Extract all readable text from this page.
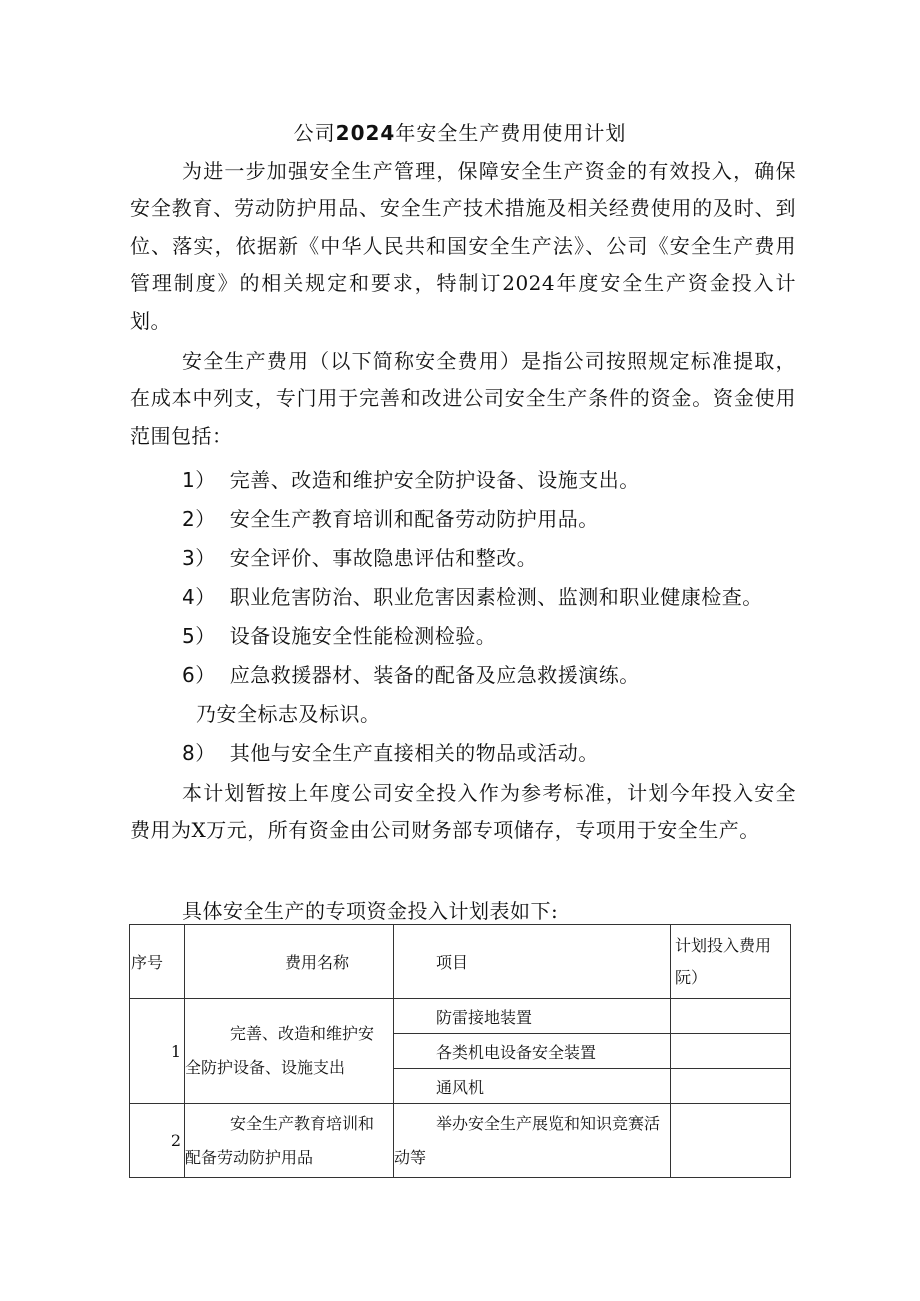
公司2024年安全生产费用使用计划

为进一步加强安全生产管理，保障安全生产资金的有效投入，确保安全教育、劳动防护用品、安全生产技术措施及相关经费使用的及时、到位、落实，依据新《中华人民共和国安全生产法》、公司《安全生产费用管理制度》的相关规定和要求，特制订2024年度安全生产资金投入计划。

安全生产费用（以下简称安全费用）是指公司按照规定标准提取，在成本中列支，专门用于完善和改进公司安全生产条件的资金。资金使用范围包括：

1） 完善、改造和维护安全防护设备、设施支出。
2） 安全生产教育培训和配备劳动防护用品。
3） 安全评价、事故隐患评估和整改。
4） 职业危害防治、职业危害因素检测、监测和职业健康检查。
5） 设备设施安全性能检测检验。
6） 应急救援器材、装备的配备及应急救援演练。
乃安全标志及标识。
8） 其他与安全生产直接相关的物品或活动。

本计划暂按上年度公司安全投入作为参考标准，计划今年投入安全费用为X万元，所有资金由公司财务部专项储存，专项用于安全生产。

具体安全生产的专项资金投入计划表如下:
序号	费用名称	项目	计划投入费用阮）
1	完善、改造和维护安全防护设备、设施支出	防雷接地装置	
		各类机电设备安全装置	
		通风机	
2	安全生产教育培训和配备劳动防护用品	举办安全生产展览和知识竞赛活动等	
